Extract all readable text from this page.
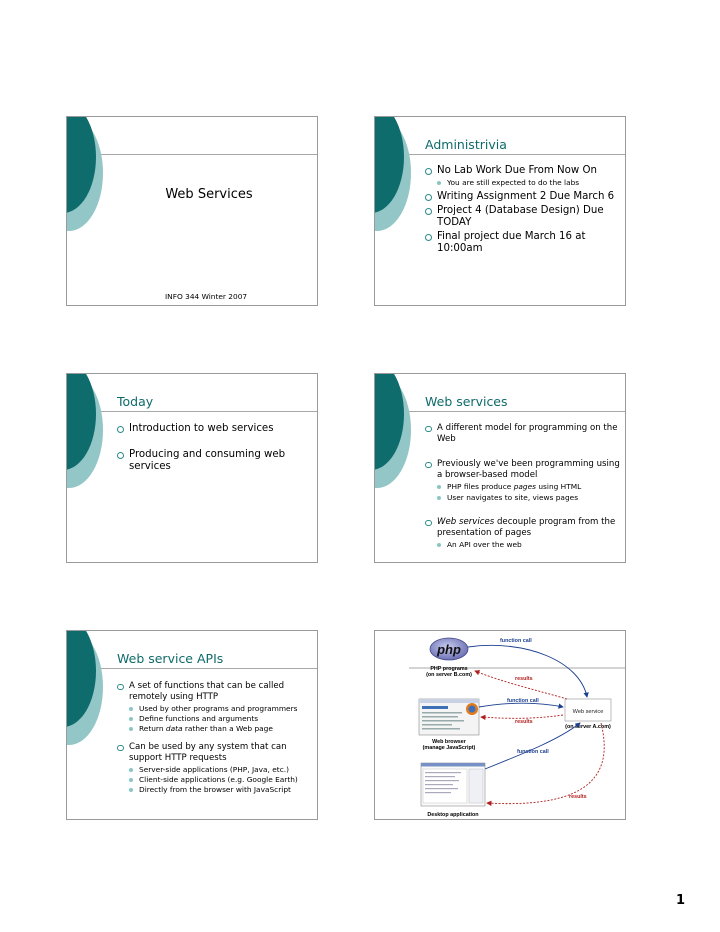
Web Services
INFO 344 Winter 2007
Administrivia
No Lab Work Due From Now On
You are still expected to do the labs
Writing Assignment 2 Due March 6
Project 4 (Database Design) Due TODAY
Final project due March 16 at 10:00am
Today
Introduction to web services
Producing and consuming web services
Web services
A different model for programming on the Web
Previously we've been programming using a browser-based model
PHP files produce pages using HTML
User navigates to site, views pages
Web services decouple program from the presentation of pages
An API over the web
Web service APIs
A set of functions that can be called remotely using HTTP
Used by other programs and programmers
Define functions and arguments
Return data rather than a Web page
Can be used by any system that can support HTTP requests
Server-side applications (PHP, Java, etc.)
Client-side applications (e.g. Google Earth)
Directly from the browser with JavaScript
php
PHP programs
(on server B.com)
Web browser
(manage JavaScript)
Desktop application
Web service
(on server A.com)
function call
results
function call
results
function call
results
1
